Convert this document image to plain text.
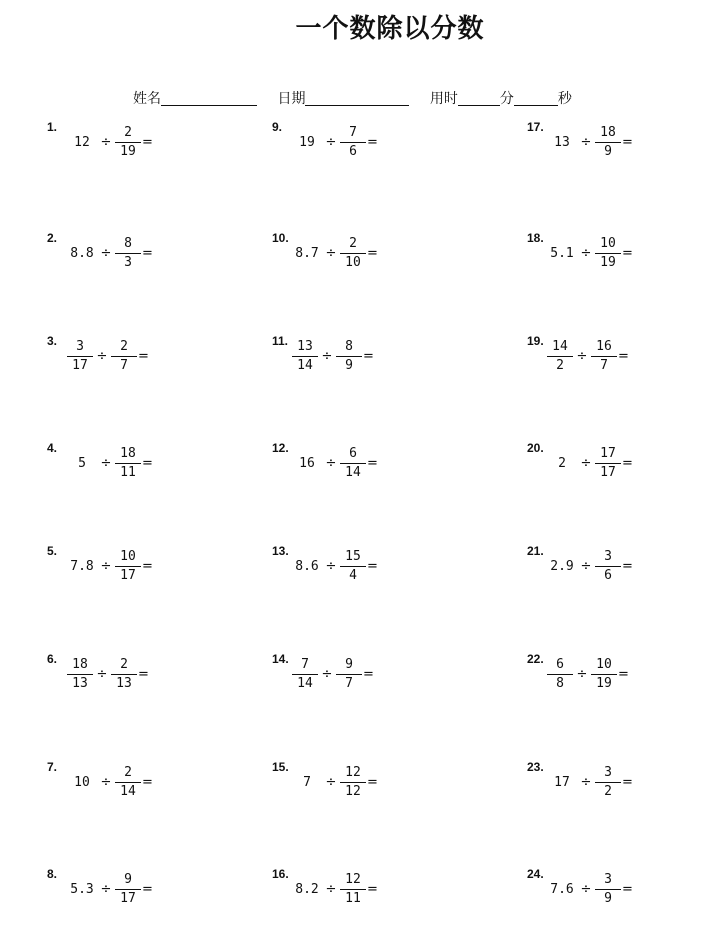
一个数除以分数
姓名	日期	用时	分	秒
1.
$12 \div \frac{2}{19}$ =
2.
$8.8 \div \frac{8}{3}$ =
3. $\frac{3}{17} \div \frac{2}{7}$ =
4.
5	÷ $\frac{18}{11}$ =
5.
$7.8 \div \frac{10}{17}$ =
6. $\frac{18}{13} \div \frac{2}{13}$ =
7.
$10 \div \frac{2}{14}$ =
8.
$5.3 \div \frac{9}{17}$ =
9.
$19 \div \frac{7}{6}$ =
10.
$8.7 \div \frac{2}{10}$ =
11. $\frac{13}{14} \div \frac{8}{9}$ =
12.
$16 \div \frac{6}{14}$ =
13.
$8.6 \div \frac{15}{4}$ =
14. $\frac{7}{14} \div \frac{9}{7}$ =
15.
7	÷ $\frac{12}{12}$ =
16.
$8.2 \div \frac{12}{11}$ =
17.
$13 \div \frac{18}{9}$ =
18.
$5.1 \div \frac{10}{19}$ =
19. $\frac{14}{2} \div \frac{16}{7}$ =
20.
2	÷ $\frac{17}{17}$ =
21.
$2.9 \div \frac{3}{6}$ =
22. $\frac{6}{8} \div \frac{10}{19}$ =
23.
$17 \div \frac{3}{2}$ =
24.
$7.6 \div \frac{3}{9}$ =
